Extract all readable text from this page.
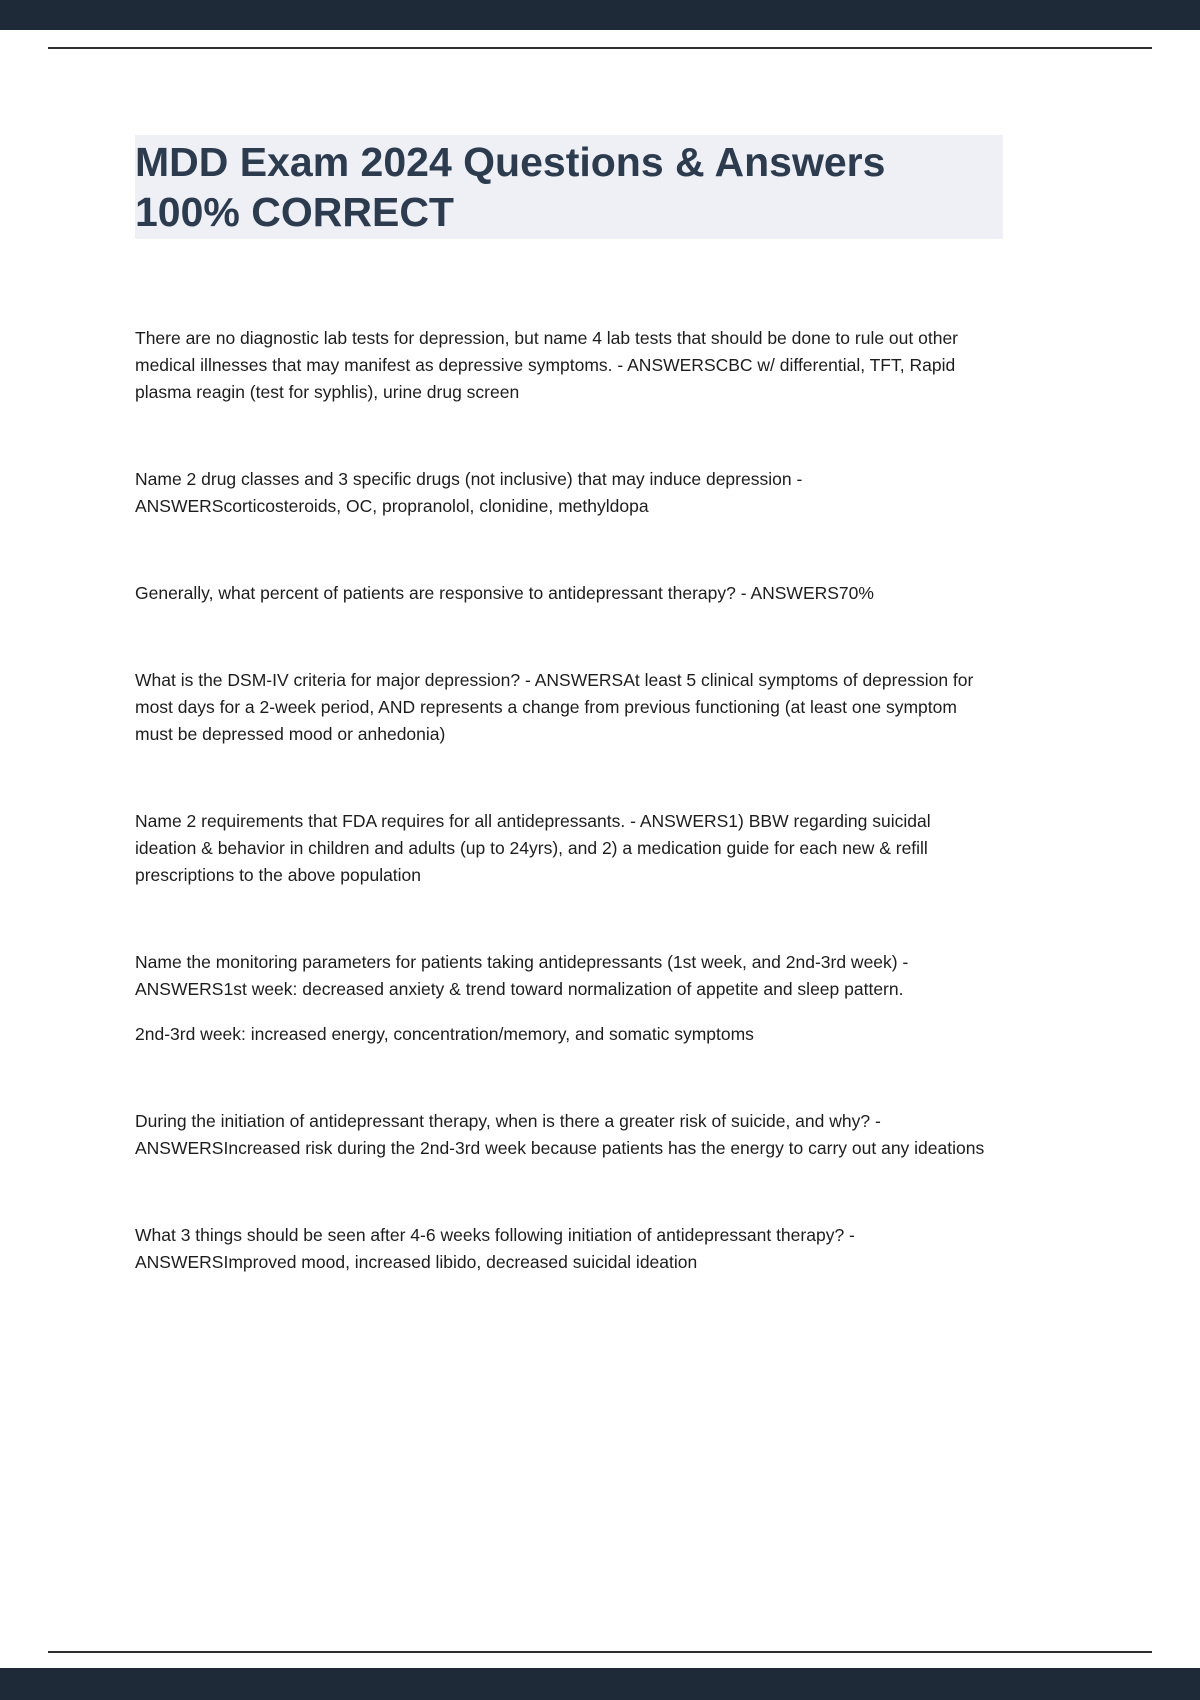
MDD Exam 2024 Questions & Answers
100% CORRECT

There are no diagnostic lab tests for depression, but name 4 lab tests that should be done to rule out other medical illnesses that may manifest as depressive symptoms. - ANSWERSCBC w/ differential, TFT, Rapid plasma reagin (test for syphlis), urine drug screen

Name 2 drug classes and 3 specific drugs (not inclusive) that may induce depression - ANSWERScorticosteroids, OC, propranolol, clonidine, methyldopa

Generally, what percent of patients are responsive to antidepressant therapy? - ANSWERS70%

What is the DSM-IV criteria for major depression? - ANSWERSAt least 5 clinical symptoms of depression for most days for a 2-week period, AND represents a change from previous functioning (at least one symptom must be depressed mood or anhedonia)

Name 2 requirements that FDA requires for all antidepressants. - ANSWERS1) BBW regarding suicidal ideation & behavior in children and adults (up to 24yrs), and 2) a medication guide for each new & refill prescriptions to the above population

Name the monitoring parameters for patients taking antidepressants (1st week, and 2nd-3rd week) - ANSWERS1st week: decreased anxiety & trend toward normalization of appetite and sleep pattern.

2nd-3rd week: increased energy, concentration/memory, and somatic symptoms

During the initiation of antidepressant therapy, when is there a greater risk of suicide, and why? - ANSWERSIncreased risk during the 2nd-3rd week because patients has the energy to carry out any ideations

What 3 things should be seen after 4-6 weeks following initiation of antidepressant therapy? - ANSWERSImproved mood, increased libido, decreased suicidal ideation
